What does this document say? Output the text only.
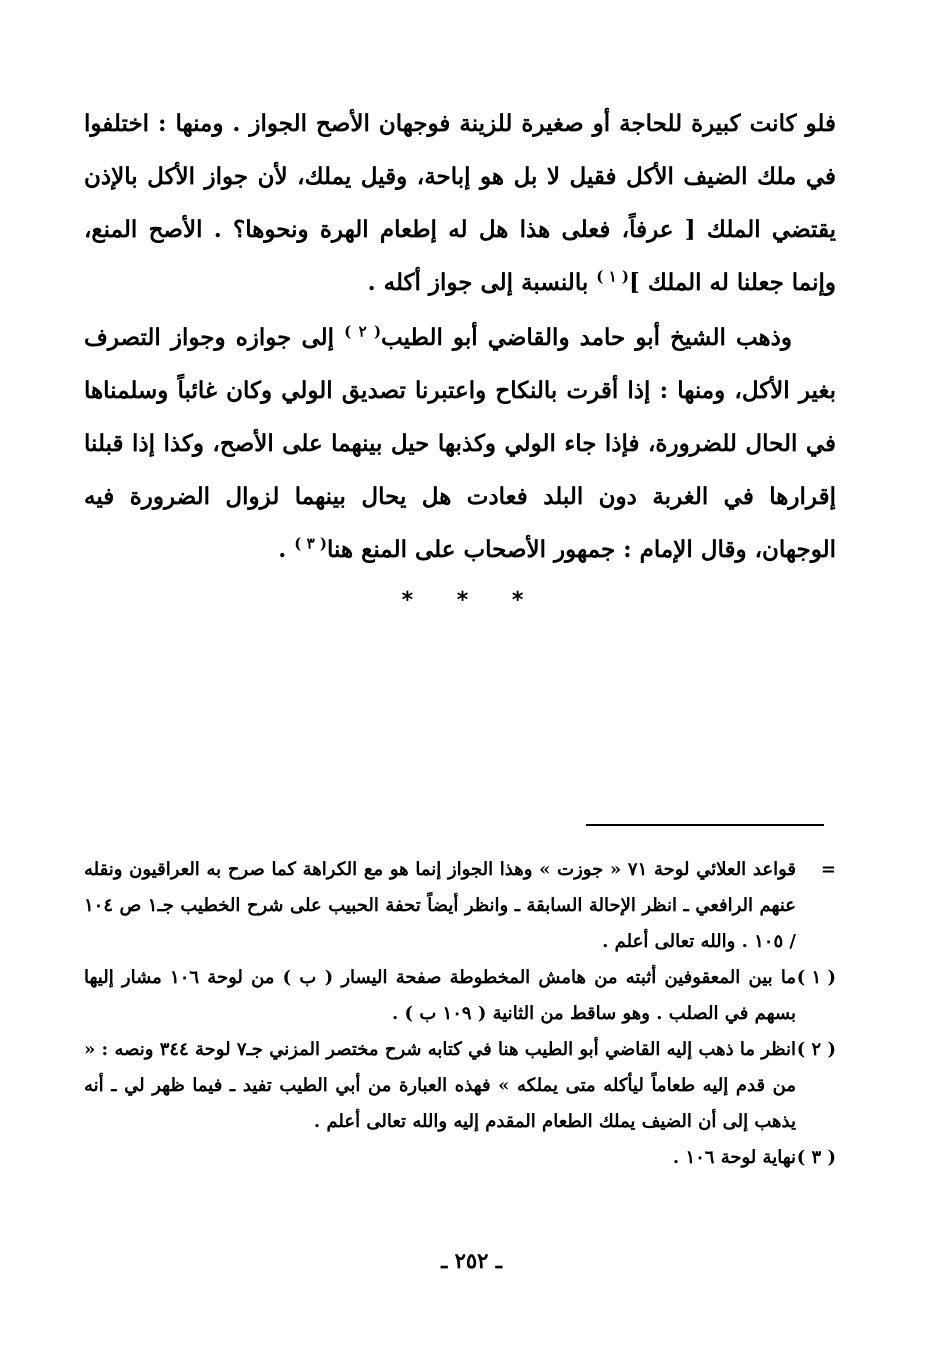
فلو كانت كبيرة للحاجة أو صغيرة للزينة فوجهان الأصح الجواز . ومنها : اختلفوا في ملك الضيف الأكل فقيل لا بل هو إباحة، وقيل يملك، لأن جواز الأكل بالإذن يقتضي الملك [ عرفاً، فعلى هذا هل له إطعام الهرة ونحوها؟ . الأصح المنع، وإنما جعلنا له الملك ]$^{( ١ )}$ بالنسبة إلى جواز أكله .
وذهب الشيخ أبو حامد والقاضي أبو الطيب$^{( ٢ )}$ إلى جوازه وجواز التصرف بغير الأكل، ومنها : إذا أقرت بالنكاح واعتبرنا تصديق الولي وكان غائباً وسلمناها في الحال للضرورة، فإذا جاء الولي وكذبها حيل بينهما على الأصح، وكذا إذا قبلنا إقرارها في الغربة دون البلد فعادت هل يحال بينهما لزوال الضرورة فيه الوجهان، وقال الإمام : جمهور الأصحاب على المنع هنا$^{( ٣ )}$ .
* * *
=
قواعد العلائي لوحة ٧١ « جوزت » وهذا الجواز إنما هو مع الكراهة كما صرح به العراقيون ونقله عنهم الرافعي ـ انظر الإحالة السابقة ـ وانظر أيضاً تحفة الحبيب على شرح الخطيب جـ١ ص ١٠٤ / ١٠٥ . والله تعالى أعلم .
( ١ )
ما بين المعقوفين أثبته من هامش المخطوطة صفحة اليسار ( ب ) من لوحة ١٠٦ مشار إليها بسهم في الصلب . وهو ساقط من الثانية ( ١٠٩ ب ) .
( ٢ )
انظر ما ذهب إليه القاضي أبو الطيب هنا في كتابه شرح مختصر المزني جـ٧ لوحة ٣٤٤ ونصه : « من قدم إليه طعاماً ليأكله متى يملكه » فهذه العبارة من أبي الطيب تفيد ـ فيما ظهر لي ـ أنه يذهب إلى أن الضيف يملك الطعام المقدم إليه والله تعالى أعلم .
( ٣ )
نهاية لوحة ١٠٦ .
ـ ٢٥٢ ـ
